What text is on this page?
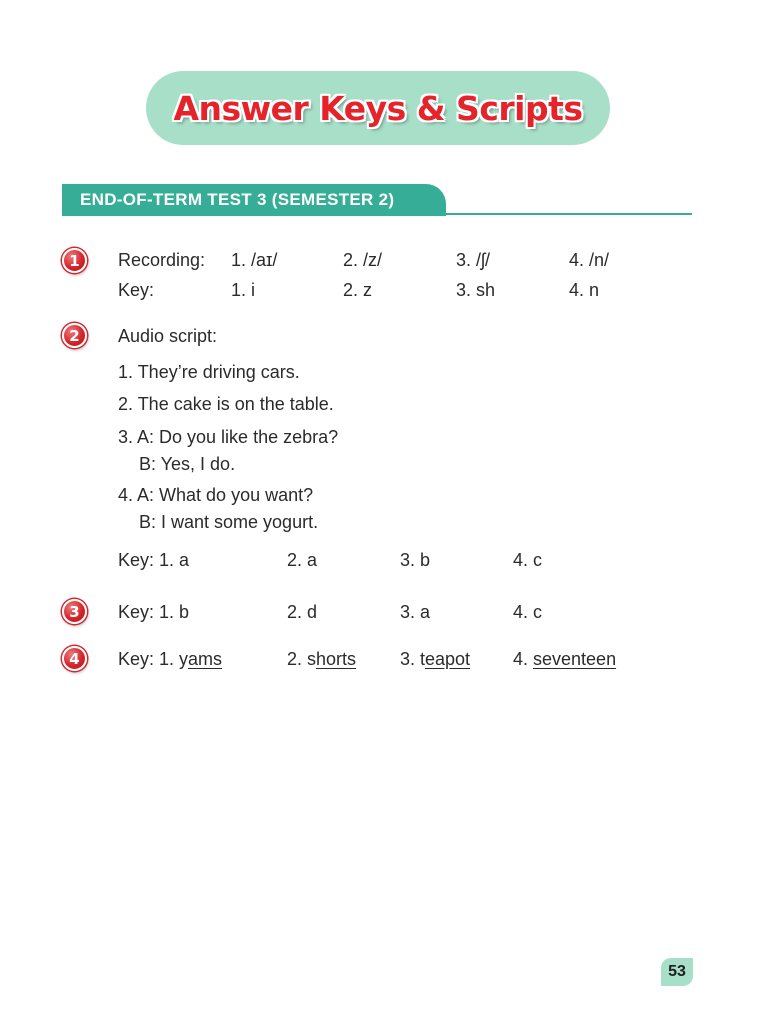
Answer Keys & Scripts
END-OF-TERM TEST 3 (SEMESTER 2)
1	Recording: 1. /aɪ/	2. /z/	3. /ʃ/	4. /n/
Key:	1. i	2. z	3. sh	4. n
2	Audio script:
1. They’re driving cars.
2. The cake is on the table.
3. A: Do you like the zebra?
B: Yes, I do.
4. A: What do you want?
B: I want some yogurt.
Key: 1. a	2. a	3. b	4. c
3	Key: 1. b	2. d	3. a	4. c
4	Key: 1. yams	2. shorts 3. teapot 4. seventeen
53
